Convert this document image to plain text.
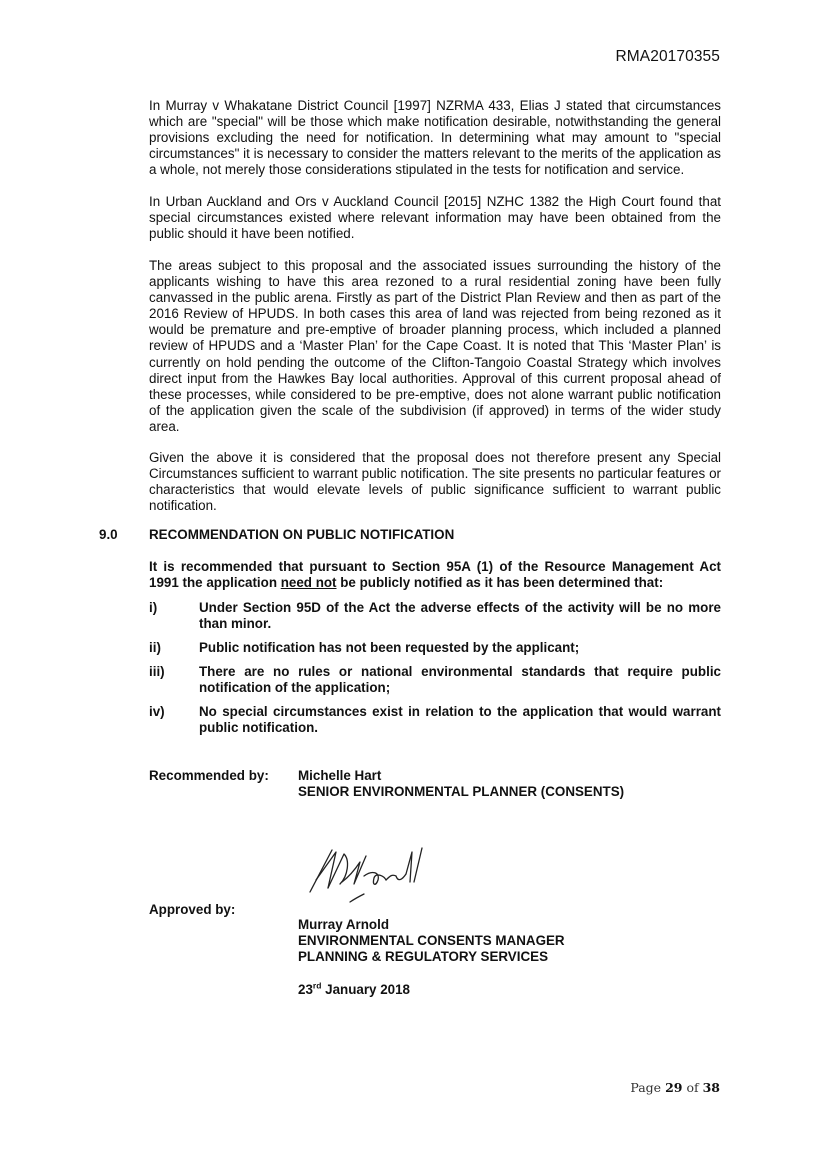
RMA20170355

In Murray v Whakatane District Council [1997] NZRMA 433, Elias J stated that circumstances which are "special" will be those which make notification desirable, notwithstanding the general provisions excluding the need for notification. In determining what may amount to "special circumstances" it is necessary to consider the matters relevant to the merits of the application as a whole, not merely those considerations stipulated in the tests for notification and service.

In Urban Auckland and Ors v Auckland Council [2015] NZHC 1382 the High Court found that special circumstances existed where relevant information may have been obtained from the public should it have been notified.

The areas subject to this proposal and the associated issues surrounding the history of the applicants wishing to have this area rezoned to a rural residential zoning have been fully canvassed in the public arena. Firstly as part of the District Plan Review and then as part of the 2016 Review of HPUDS. In both cases this area of land was rejected from being rezoned as it would be premature and pre-emptive of broader planning process, which included a planned review of HPUDS and a ‘Master Plan’ for the Cape Coast. It is noted that This ‘Master Plan’ is currently on hold pending the outcome of the Clifton-Tangoio Coastal Strategy which involves direct input from the Hawkes Bay local authorities. Approval of this current proposal ahead of these processes, while considered to be pre-emptive, does not alone warrant public notification of the application given the scale of the subdivision (if approved) in terms of the wider study area.

Given the above it is considered that the proposal does not therefore present any Special Circumstances sufficient to warrant public notification. The site presents no particular features or characteristics that would elevate levels of public significance sufficient to warrant public notification.

9.0 RECOMMENDATION ON PUBLIC NOTIFICATION

It is recommended that pursuant to Section 95A (1) of the Resource Management Act 1991 the application need not be publicly notified as it has been determined that:

i)	Under Section 95D of the Act the adverse effects of the activity will be no more than minor.

ii)	Public notification has not been requested by the applicant;

iii)	There are no rules or national environmental standards that require public notification of the application;

iv)	No special circumstances exist in relation to the application that would warrant public notification.

Recommended by: Michelle Hart
SENIOR ENVIRONMENTAL PLANNER (CONSENTS)
Approved by:
Murray Arnold
ENVIRONMENTAL CONSENTS MANAGER
PLANNING & REGULATORY SERVICES
23rd January 2018
Page 29 of 38
